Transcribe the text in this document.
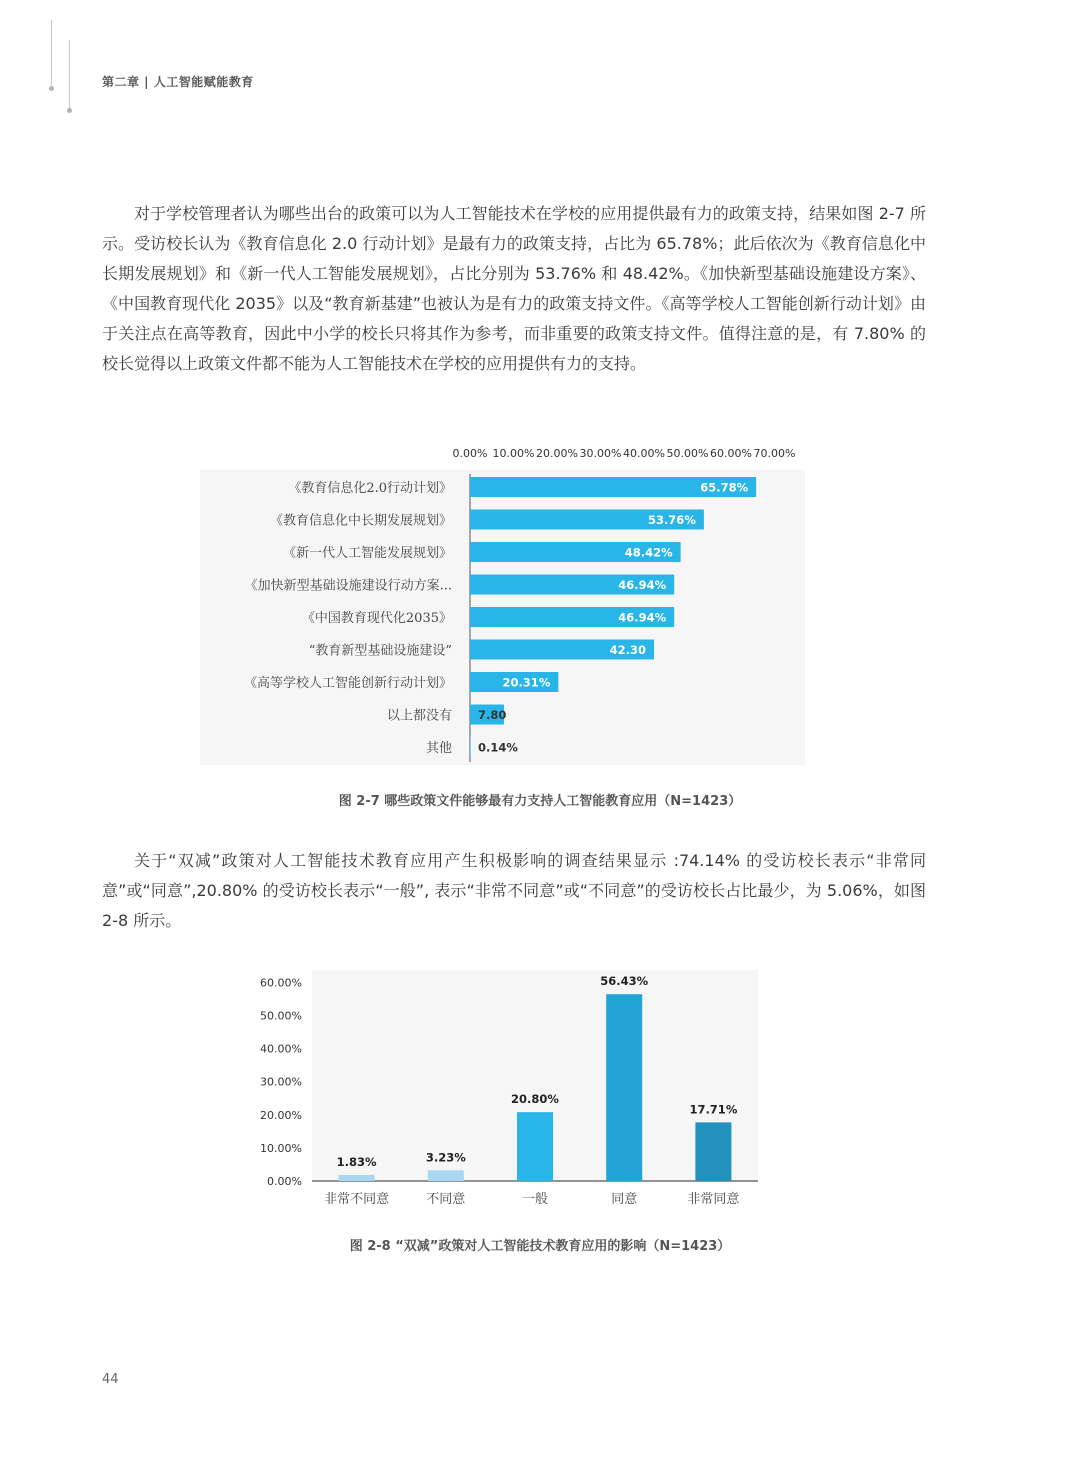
第二章 | 人工智能赋能教育

对于学校管理者认为哪些出台的政策可以为人工智能技术在学校的应用提供最有力的政策支持，结果如图 2-7 所示。受访校长认为《教育信息化 2.0 行动计划》是最有力的政策支持，占比为 65.78%；此后依次为《教育信息化中长期发展规划》和《新一代人工智能发展规划》，占比分别为 53.76% 和 48.42%。《加快新型基础设施建设方案》、《中国教育现代化 2035》以及“教育新基建”也被认为是有力的政策支持文件。《高等学校人工智能创新行动计划》由于关注点在高等教育，因此中小学的校长只将其作为参考，而非重要的政策支持文件。值得注意的是，有 7.80% 的校长觉得以上政策文件都不能为人工智能技术在学校的应用提供有力的支持。

0.00% 10.00% 20.00% 30.00% 40.00% 50.00% 60.00% 70.00%
《教育信息化2.0行动计划》	65.78%
《教育信息化中长期发展规划》	53.76%
《新一代人工智能发展规划》	48.42%
《加快新型基础设施建设行动方案...	46.94%
《中国教育现代化2035》	46.94%
“教育新型基础设施建设”	42.30
《高等学校人工智能创新行动计划》	20.31%
以上都没有 7.80
其他 0.14%
图 2-7 哪些政策文件能够最有力支持人工智能教育应用（N=1423）

关于“双减”政策对人工智能技术教育应用产生积极影响的调查结果显示 :74.14% 的受访校长表示“非常同意”或“同意”,20.80% 的受访校长表示“一般”, 表示“非常不同意”或“不同意”的受访校长占比最少，为 5.06%，如图 2-8 所示。

0.00%
10.00%
20.00%
30.00%
40.00%
50.00%
60.00%
1.83%
非常不同意
3.23%
不同意
20.80%
一般
56.43%
同意
17.71%
非常同意
图 2-8 “双减”政策对人工智能技术教育应用的影响（N=1423）
44
